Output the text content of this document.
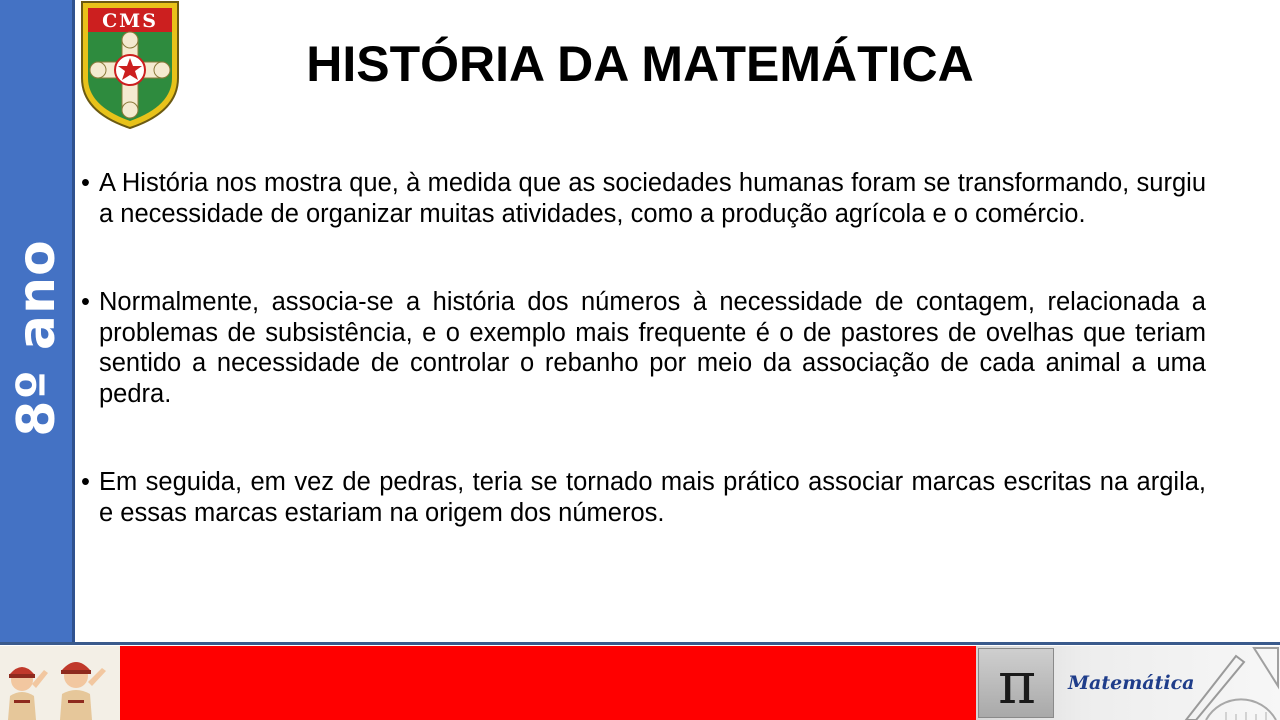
8º ano
CMS
HISTÓRIA DA MATEMÁTICA
• A História nos mostra que, à medida que as sociedades humanas foram se transformando, surgiu a necessidade de organizar muitas atividades, como a produção agrícola e o comércio.
• Normalmente, associa-se a história dos números à necessidade de contagem, relacionada a problemas de subsistência, e o exemplo mais frequente é o de pastores de ovelhas que teriam sentido a necessidade de controlar o rebanho por meio da associação de cada animal a uma pedra.
• Em seguida, em vez de pedras, teria se tornado mais prático associar marcas escritas na argila, e essas marcas estariam na origem dos números.
π	Matemática
